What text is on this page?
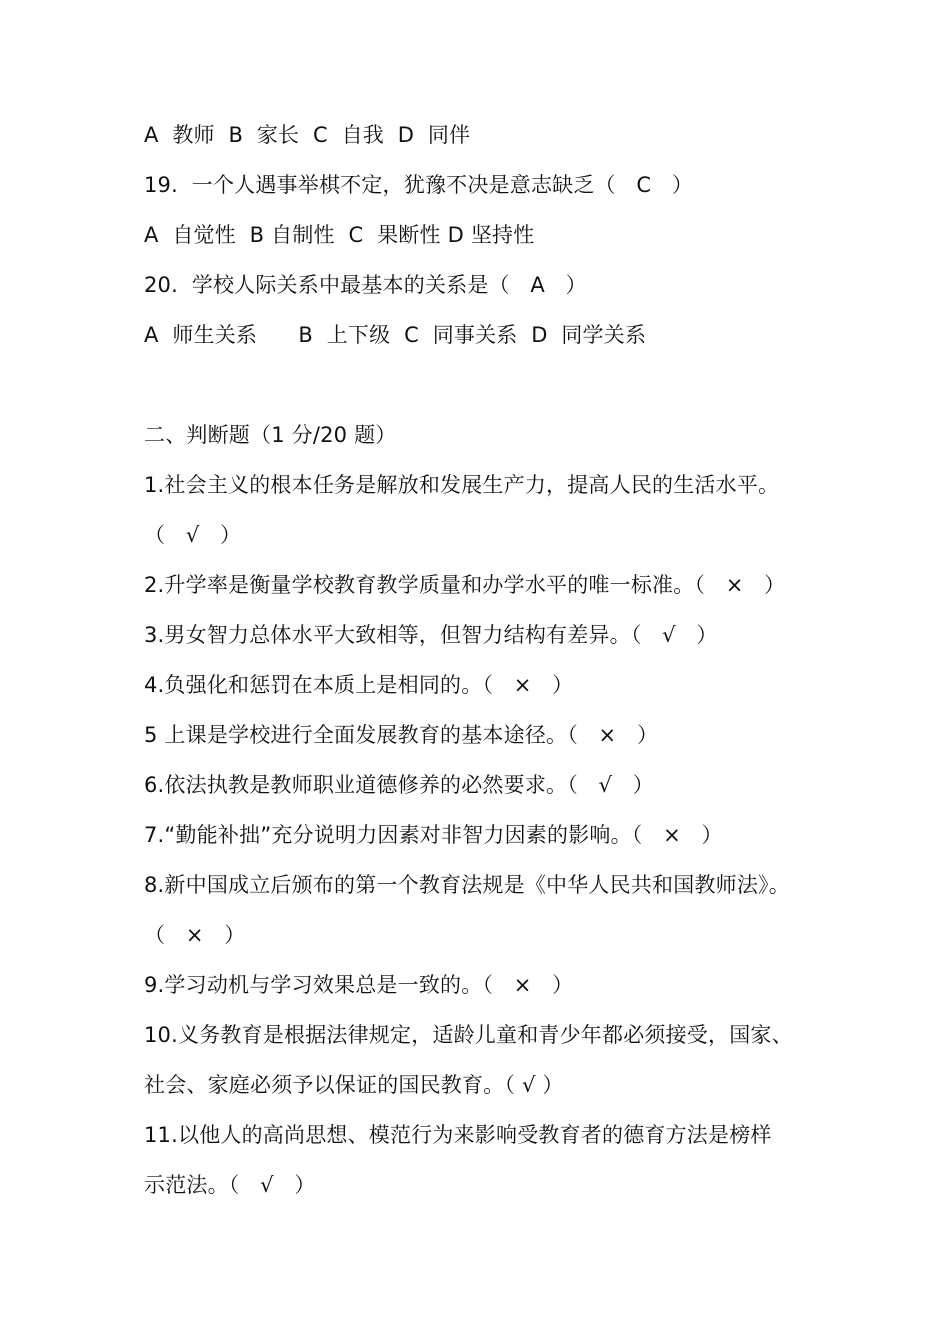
A  教师  B  家长  C  自我  D  同伴
19.  一个人遇事举棋不定，犹豫不决是意志缺乏（   C   ）
A  自觉性  B 自制性  C  果断性 D 坚持性
20.  学校人际关系中最基本的关系是（   A   ）
A  师生关系      B  上下级  C  同事关系  D  同学关系
二、判断题（1 分/20 题）
1.社会主义的根本任务是解放和发展生产力，提高人民的生活水平。
（   √   ）
2.升学率是衡量学校教育教学质量和办学水平的唯一标准。（   ×   ）
3.男女智力总体水平大致相等，但智力结构有差异。（   √   ）
4.负强化和惩罚在本质上是相同的。（   ×   ）
5 上课是学校进行全面发展教育的基本途径。（   ×   ）
6.依法执教是教师职业道德修养的必然要求。（   √   ）
7.“勤能补拙”充分说明力因素对非智力因素的影响。（   ×   ）
8.新中国成立后颁布的第一个教育法规是《中华人民共和国教师法》。
（   ×   ）
9.学习动机与学习效果总是一致的。（   ×   ）
10.义务教育是根据法律规定，适龄儿童和青少年都必须接受，国家、
社会、家庭必须予以保证的国民教育。（ √ ）
11.以他人的高尚思想、模范行为来影响受教育者的德育方法是榜样
示范法。（   √   ）
